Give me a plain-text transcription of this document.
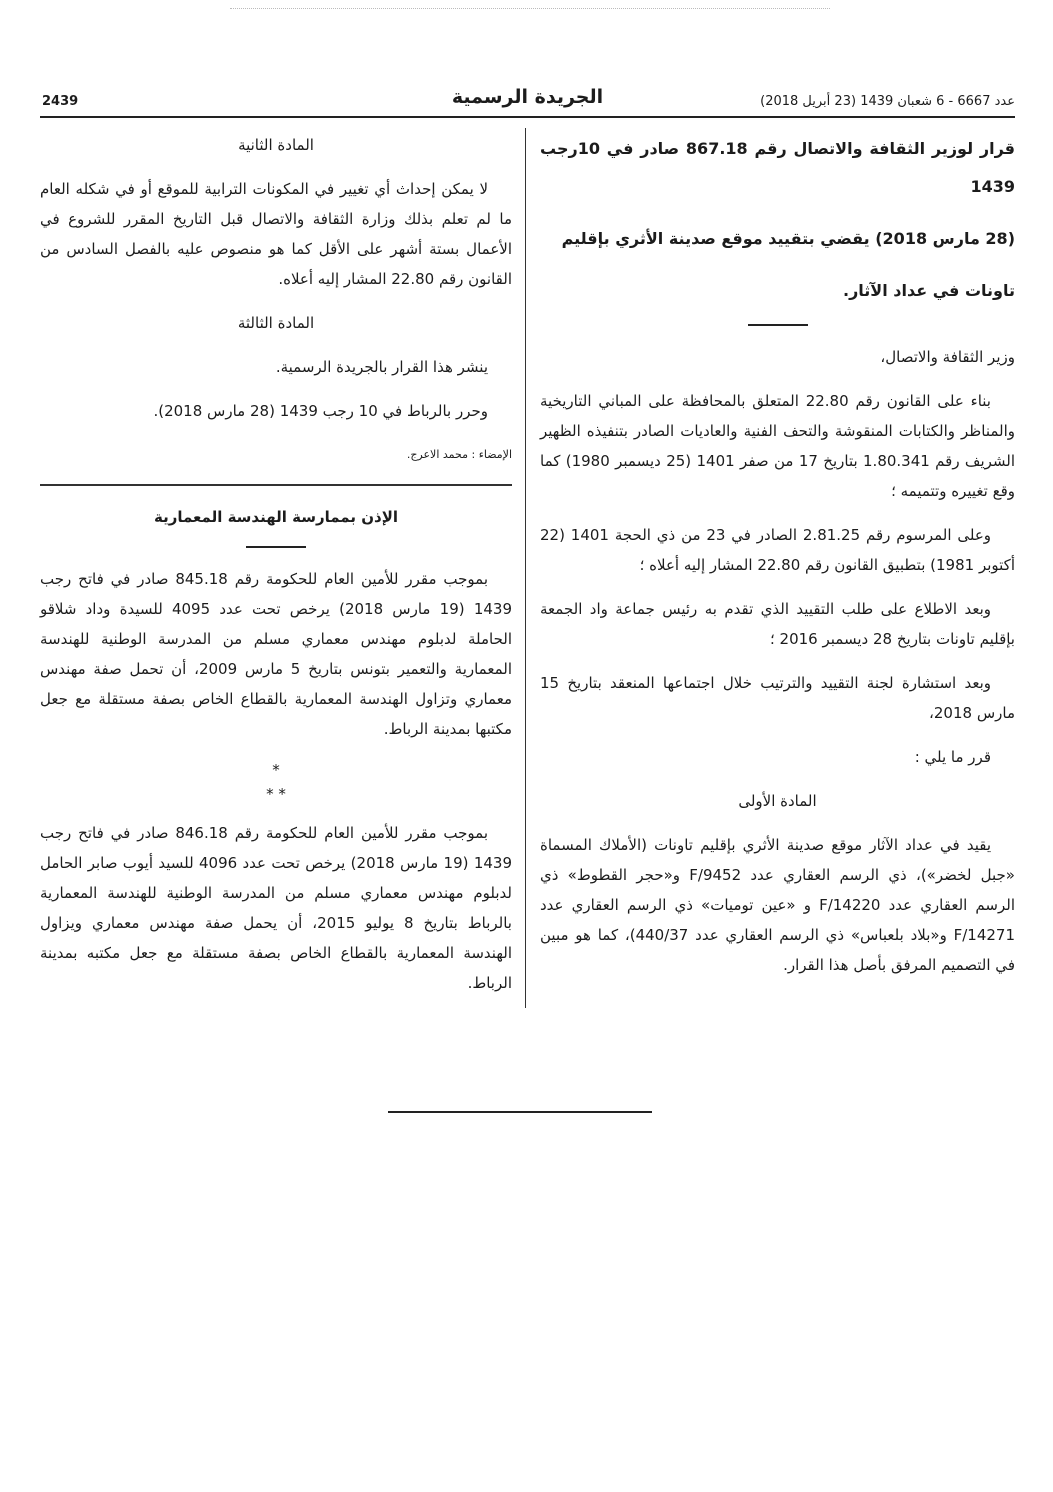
2439	الجريدة الرسمية	عدد 6667 - 6 شعبان 1439 (23 أبريل 2018)

قرار لوزير الثقافة والاتصال رقم 867.18 صادر في 10رجب 1439

(28 مارس 2018) يقضي بتقييد موقع صدينة الأثري بإقليم

تاونات في عداد الآثار.

وزير الثقافة والاتصال،

بناء على القانون رقم 22.80 المتعلق بالمحافظة على المباني التاريخية والمناظر والكتابات المنقوشة والتحف الفنية والعاديات الصادر بتنفيذه الظهير الشريف رقم 1.80.341 بتاريخ 17 من صفر 1401 (25 ديسمبر 1980) كما وقع تغييره وتتميمه ؛

وعلى المرسوم رقم 2.81.25 الصادر في 23 من ذي الحجة 1401 (22 أكتوبر 1981) بتطبيق القانون رقم 22.80 المشار إليه أعلاه ؛

وبعد الاطلاع على طلب التقييد الذي تقدم به رئيس جماعة واد الجمعة بإقليم تاونات بتاريخ 28 ديسمبر 2016 ؛

وبعد استشارة لجنة التقييد والترتيب خلال اجتماعها المنعقد بتاريخ 15 مارس 2018،

قرر ما يلي :

المادة الأولى

يقيد في عداد الآثار موقع صدينة الأثري بإقليم تاونات (الأملاك المسماة «جبل لخضر»)، ذي الرسم العقاري عدد F/9452 و«حجر القطوط» ذي الرسم العقاري عدد F/14220 و «عين توميات» ذي الرسم العقاري عدد F/14271 و«بلاد بلعباس» ذي الرسم العقاري عدد 440/37)، كما هو مبين في التصميم المرفق بأصل هذا القرار.

المادة الثانية

لا يمكن إحداث أي تغيير في المكونات الترابية للموقع أو في شكله العام ما لم تعلم بذلك وزارة الثقافة والاتصال قبل التاريخ المقرر للشروع في الأعمال بستة أشهر على الأقل كما هو منصوص عليه بالفصل السادس من القانون رقم 22.80 المشار إليه أعلاه.

المادة الثالثة

ينشر هذا القرار بالجريدة الرسمية.

وحرر بالرباط في 10 رجب 1439 (28 مارس 2018).

الإمضاء : محمد الاعرج.

الإذن بممارسة الهندسة المعمارية

بموجب مقرر للأمين العام للحكومة رقم 845.18 صادر في فاتح رجب 1439 (19 مارس 2018) يرخص تحت عدد 4095 للسيدة وداد شلاقو الحاملة لدبلوم مهندس معماري مسلم من المدرسة الوطنية للهندسة المعمارية والتعمير بتونس بتاريخ 5 مارس 2009، أن تحمل صفة مهندس معماري وتزاول الهندسة المعمارية بالقطاع الخاص بصفة مستقلة مع جعل مكتبها بمدينة الرباط.

*
* *

بموجب مقرر للأمين العام للحكومة رقم 846.18 صادر في فاتح رجب 1439 (19 مارس 2018) يرخص تحت عدد 4096 للسيد أيوب صابر الحامل لدبلوم مهندس معماري مسلم من المدرسة الوطنية للهندسة المعمارية بالرباط بتاريخ 8 يوليو 2015، أن يحمل صفة مهندس معماري ويزاول الهندسة المعمارية بالقطاع الخاص بصفة مستقلة مع جعل مكتبه بمدينة الرباط.
